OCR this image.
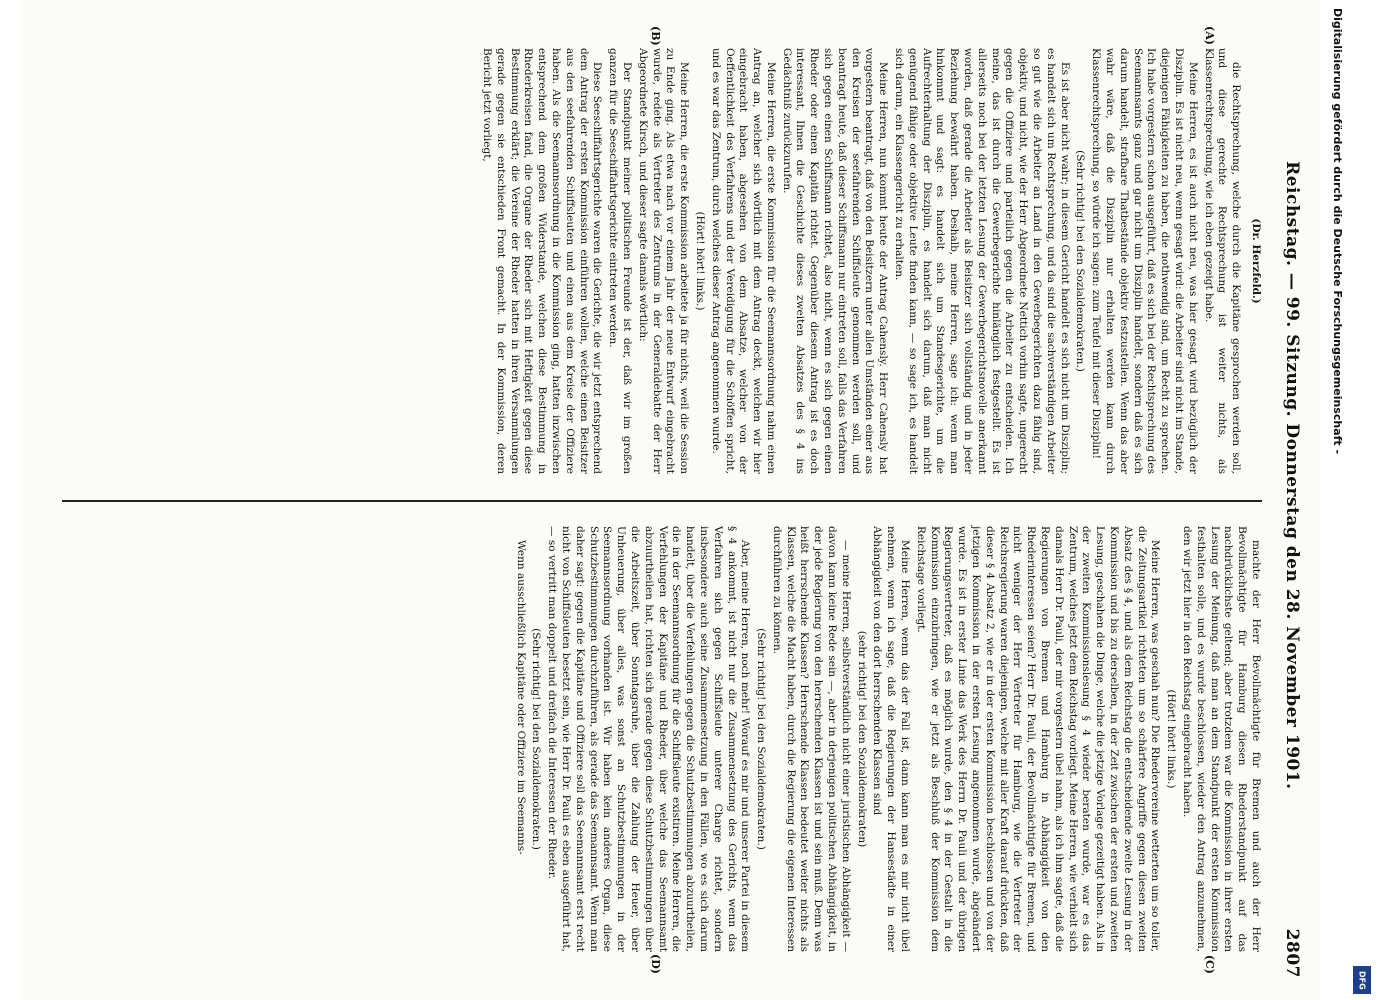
Reichstag. — 99. Sitzung. Donnerstag den 28. November 1901.
2807
(A)
(B)
(Dr. Herzfeld.)

die Rechtsprechung, welche durch die Kapitäne gesprochen werden soll, und diese gerechte Rechtsprechung ist weiter nichts, als Klassenrechtsprechung, wie ich eben gezeigt habe.

Meine Herren, es ist auch nicht neu, was hier gesagt wird bezüglich der Disziplin. Es ist nicht neu, wenn gesagt wird: die Arbeiter sind nicht im Stande, diejenigen Fähigkeiten zu haben, die nothwendig sind, um Recht zu sprechen. Ich habe vorgestern schon ausgeführt, daß es sich bei der Rechtsprechung des Seemannsamts ganz und gar nicht um Disziplin handelt, sondern daß es sich darum handelt, strafbare Thatbestände objektiv festzustellen. Wenn das aber wahr wäre, daß die Disziplin nur erhalten werden kann durch Klassenrechtsprechung, so würde ich sagen: zum Teufel mit dieser Disziplin!

(Sehr richtig! bei den Sozialdemokraten.)

Es ist aber nicht wahr; in diesem Gericht handelt es sich nicht um Disziplin; es handelt sich um Rechtsprechung, und da sind die sachverständigen Arbeiter so gut wie die Arbeiter an Land in den Gewerbegerichten dazu fähig sind, objektiv, und nicht, wie der Herr Abgeordnete Nettich vorhin sagte, ungerecht gegen die Offiziere und parteilich gegen die Arbeiter zu entscheiden. Ich meine, das ist durch die Gewerbegerichte hinlänglich festgestellt. Es ist allerseits noch bei der letzten Lesung der Gewerbegerichtsnovelle anerkannt worden, daß gerade die Arbeiter als Beisitzer sich vollständig und in jeder Beziehung bewährt haben. Deshalb, meine Herren, sage ich: wenn man hinkommt und sagt: es handelt sich um Standesgerichte, um die Aufrechterhaltung der Disziplin, es handelt sich darum, daß man nicht genügend fähige oder objektive Leute finden kann, — so sage ich, es handelt sich darum, ein Klassengericht zu erhalten.

Meine Herren, nun kommt heute der Antrag Cahensly. Herr Cahensly hat vorgestern beantragt, daß von den Beisitzern unter allen Umständen einer aus den Kreisen der seefahrenden Schiffsleute genommen werden soll, und beantragt heute, daß dieser Schiffsmann nur eintreten soll, falls das Verfahren sich gegen einen Schiffsmann richtet, also nicht, wenn es sich gegen einen Rheder oder einen Kapitän richtet. Gegenüber diesem Antrag ist es doch interessant, Ihnen die Geschichte dieses zweiten Absatzes des § 4 ins Gedächtniß zurückzurufen.

Meine Herren, die erste Kommission für die Seemannsordnung nahm einen Antrag an, welcher sich wörtlich mit dem Antrag deckt, welchen wir hier eingebracht haben, abgesehen von dem Absatze, welcher von der Oeffentlichkeit des Verfahrens und der Vereidigung für die Schöffen spricht, und es war das Zentrum, durch welches dieser Antrag angenommen wurde.

(Hört! hört! links.)

Meine Herren, die erste Kommission arbeitete ja für nichts, weil die Session zu Ende ging. Als etwa nach vor einem Jahr der neue Entwurf eingebracht wurde, redete als Vertreter des Zentrums in der Generaldebatte der Herr Abgeordnete Kirsch, und dieser sagte damals wörtlich:

Der Standpunkt meiner politischen Freunde ist der, daß wir im großen ganzen für die Seeschiffahrtsgerichte eintreten werden.

Diese Seeschiffahrtsgerichte waren die Gerichte, die wir jetzt entsprechend dem Antrag der ersten Kommission einführen wollen, welche einen Beisitzer aus den seefahrenden Schiffsleuten und einen aus dem Kreise der Offiziere haben. Als die Seemannsordnung in die Kommission ging, hatten inzwischen entsprechend dem großen Widerstande, welchen diese Bestimmung in Rhederkreisen fand, die Organe der Rheder sich mit Heftigkeit gegen diese Bestimmung erklärt; die Vereine der Rheder hatten in ihren Versammlungen gerade gegen sie entschieden Front gemacht. In der Kommission, deren Bericht jetzt vorliegt,

(C)
(D)

machte der Herr Bevollmächtigte für Bremen und auch der Herr Bevollmächtigte für Hamburg diesen Rhederstandpunkt auf das nachdrücklichste geltend; aber trotzdem war die Kommission in ihrer ersten Lesung der Meinung, daß man an dem Standpunkt der ersten Kommission festhalten solle, und es wurde beschlossen, wieder den Antrag anzunehmen, den wir jetzt hier in den Reichstag eingebracht haben.

(Hört! hört! links.)

Meine Herren, was geschah nun? Die Rhedervereine wetterten um so toller, die Zeitungsartikel richteten um so schärfere Angriffe gegen diesen zweiten Absatz des § 4, und als dem Reichstag die entscheidende zweite Lesung in der Kommission und bis zu derselben, in der Zeit zwischen der ersten und zweiten Lesung, geschahen die Dinge, welche die jetzige Vorlage gezeitigt haben. Als in der zweiten Kommissionslesung § 4 wieder beraten wurde, war es das Zentrum, welches jetzt dem Reichstag vorliegt. Meine Herren, wie verhielt sich damals Herr Dr. Pauli, der mir vorgestern übel nahm, als ich ihm sagte, daß die Regierungen von Bremen und Hamburg in Abhängigkeit von den Rhederinteressen seien? Herr Dr. Pauli, der Bevollmächtigte für Bremen, und nicht weniger der Herr Vertreter für Hamburg, wie die Vertreter der Reichsregierung waren diejenigen, welche mit aller Kraft darauf drückten, daß dieser § 4 Absatz 2, wie er in der ersten Kommission beschlossen und von der jetzigen Kommission in der ersten Lesung angenommen wurde, abgeändert wurde. Es ist in erster Linie das Werk des Herrn Dr. Pauli und der übrigen Regierungsvertreter, daß es möglich wurde, den § 4 in der Gestalt in die Kommission einzubringen, wie er jetzt als Beschluß der Kommission dem Reichstage vorliegt.

Meine Herren, wenn das der Fall ist, dann kann man es mir nicht übel nehmen, wenn ich sage, daß die Regierungen der Hansestädte in einer Abhängigkeit von den dort herrschenden Klassen sind

(sehr richtig! bei den Sozialdemokraten)

— meine Herren, selbstverständlich nicht einer juristischen Abhängigkeit — davon kann keine Rede sein —, aber in derjenigen politischen Abhängigkeit, in der jede Regierung von den herrschenden Klassen ist und sein muß. Denn was heißt herrschende Klassen? Herrschende Klassen bedeutet weiter nichts als Klassen, welche die Macht haben, durch die Regierung die eigenen Interessen durchführen zu können.

(Sehr richtig! bei den Sozialdemokraten.)

Aber, meine Herren, noch mehr! Worauf es mir und unserer Partei in diesem § 4 ankommt, ist nicht nur die Zusammensetzung des Gerichts, wenn das Verfahren sich gegen Schiffsleute unterer Charge richtet, sondern insbesondere auch seine Zusammensetzung in den Fällen, wo es sich darum handelt, über die Verfehlungen gegen die Schutzbestimmungen abzuurtheilen, die in der Seemannsordnung für die Schiffsleute existiren. Meine Herren, die Verfehlungen der Kapitäne und Rheder, über welche das Seemannsamt abzuurtheilen hat, richten sich gerade gegen diese Schutzbestimmungen über die Arbeitszeit, über Sonntagsruhe, über die Zahlung der Heuer, über Unheuerung, über alles, was sonst an Schutzbestimmungen in der Seemannsordnung vorhanden ist. Wir haben kein anderes Organ, diese Schutzbestimmungen durchzuführen, als gerade das Seemannsamt. Wenn man daher sagt: gegen die Kapitäne und Offiziere soll das Seemannsamt erst recht nicht von Schiffsleuten besetzt sein, wie Herr Dr. Pauli es eben ausgeführt hat, — so vertritt man doppelt und dreifach die Interessen der Rheder.

(Sehr richtig! bei den Sozialdemokraten.)

Wenn ausschließlich Kapitäne oder Offiziere im Seemanns-

Digitalisierung gefördert durch die Deutsche Forschungsgemeinschaft -
DFG
